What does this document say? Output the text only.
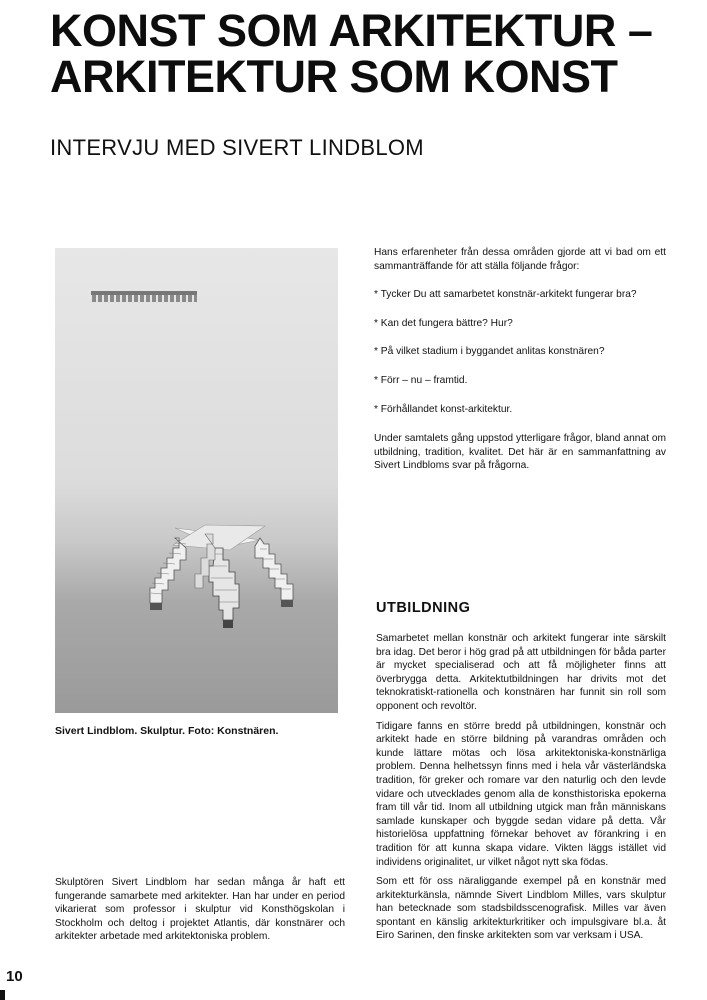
KONST SOM ARKITEKTUR –
ARKITEKTUR SOM KONST
INTERVJU MED SIVERT LINDBLOM

Sivert Lindblom. Skulptur. Foto: Konstnären.

Skulptören Sivert Lindblom har sedan många år haft ett fungerande samarbete med arkitekter. Han har under en period vikarierat som professor i skulptur vid Konsthögskolan i Stockholm och deltog i projektet Atlantis, där konstnärer och arkitekter arbetade med arkitektoniska problem.

Hans erfarenheter från dessa områden gjorde att vi bad om ett sammanträffande för att ställa följande frågor:

* Tycker Du att samarbetet konstnär-arkitekt fungerar bra?

* Kan det fungera bättre? Hur?

* På vilket stadium i byggandet anlitas konstnären?

* Förr – nu – framtid.

* Förhållandet konst-arkitektur.

Under samtalets gång uppstod ytterligare frågor, bland annat om utbildning, tradition, kvalitet. Det här är en sammanfattning av Sivert Lindbloms svar på frågorna.

UTBILDNING

Samarbetet mellan konstnär och arkitekt fungerar inte särskilt bra idag. Det beror i hög grad på att utbildningen för båda parter är mycket specialiserad och att få möjligheter finns att överbrygga detta. Arkitektutbildningen har drivits mot det teknokratiskt-rationella och konstnären har funnit sin roll som opponent och revoltör.

Tidigare fanns en större bredd på utbildningen, konstnär och arkitekt hade en större bildning på varandras områden och kunde lättare mötas och lösa arkitektoniska-konstnärliga problem. Denna helhetssyn finns med i hela vår västerländska tradition, för greker och romare var den naturlig och den levde vidare och utvecklades genom alla de konsthistoriska epokerna fram till vår tid. Inom all utbildning utgick man från människans samlade kunskaper och byggde sedan vidare på detta. Vår historielösa uppfattning förnekar behovet av förankring i en tradition för att kunna skapa vidare. Vikten läggs istället vid individens originalitet, ur vilket något nytt ska födas.

Som ett för oss näraliggande exempel på en konstnär med arkitekturkänsla, nämnde Sivert Lindblom Milles, vars skulptur han betecknade som stadsbildsscenografisk. Milles var även spontant en känslig arkitekturkritiker och impulsgivare bl.a. åt Eiro Sarinen, den finske arkitekten som var verksam i USA.

10
